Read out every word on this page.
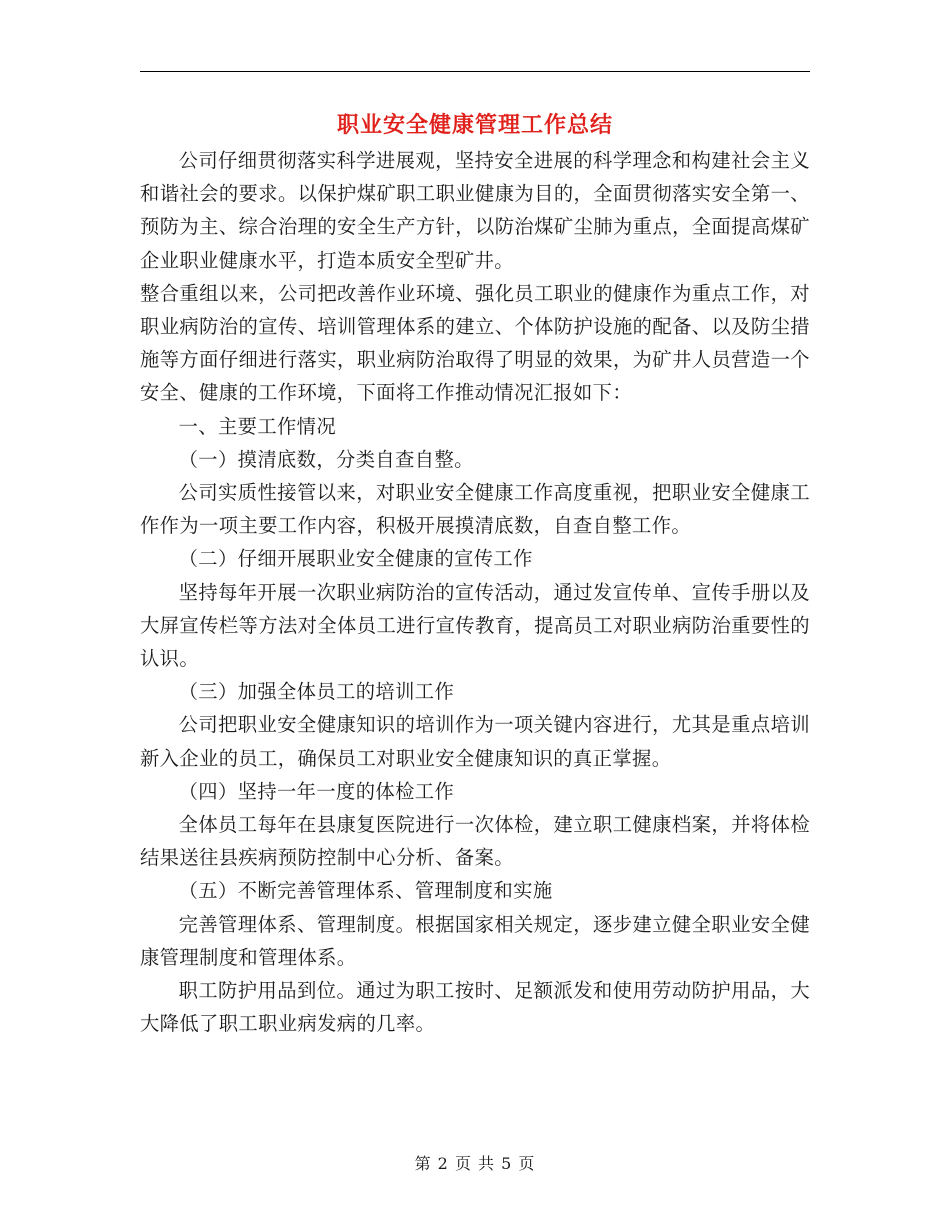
职业安全健康管理工作总结

公司仔细贯彻落实科学进展观，坚持安全进展的科学理念和构建社会主义和谐社会的要求。以保护煤矿职工职业健康为目的，全面贯彻落实安全第一、预防为主、综合治理的安全生产方针，以防治煤矿尘肺为重点，全面提高煤矿企业职业健康水平，打造本质安全型矿井。

整合重组以来，公司把改善作业环境、强化员工职业的健康作为重点工作，对职业病防治的宣传、培训管理体系的建立、个体防护设施的配备、以及防尘措施等方面仔细进行落实，职业病防治取得了明显的效果，为矿井人员营造一个安全、健康的工作环境，下面将工作推动情况汇报如下：

一、主要工作情况

（一）摸清底数，分类自查自整。

公司实质性接管以来，对职业安全健康工作高度重视，把职业安全健康工作作为一项主要工作内容，积极开展摸清底数，自查自整工作。

（二）仔细开展职业安全健康的宣传工作

坚持每年开展一次职业病防治的宣传活动，通过发宣传单、宣传手册以及大屏宣传栏等方法对全体员工进行宣传教育，提高员工对职业病防治重要性的认识。

（三）加强全体员工的培训工作

公司把职业安全健康知识的培训作为一项关键内容进行，尤其是重点培训新入企业的员工，确保员工对职业安全健康知识的真正掌握。

（四）坚持一年一度的体检工作

全体员工每年在县康复医院进行一次体检，建立职工健康档案，并将体检结果送往县疾病预防控制中心分析、备案。

（五）不断完善管理体系、管理制度和实施

完善管理体系、管理制度。根据国家相关规定，逐步建立健全职业安全健康管理制度和管理体系。

职工防护用品到位。通过为职工按时、足额派发和使用劳动防护用品，大大降低了职工职业病发病的几率。

第 2 页 共 5 页
